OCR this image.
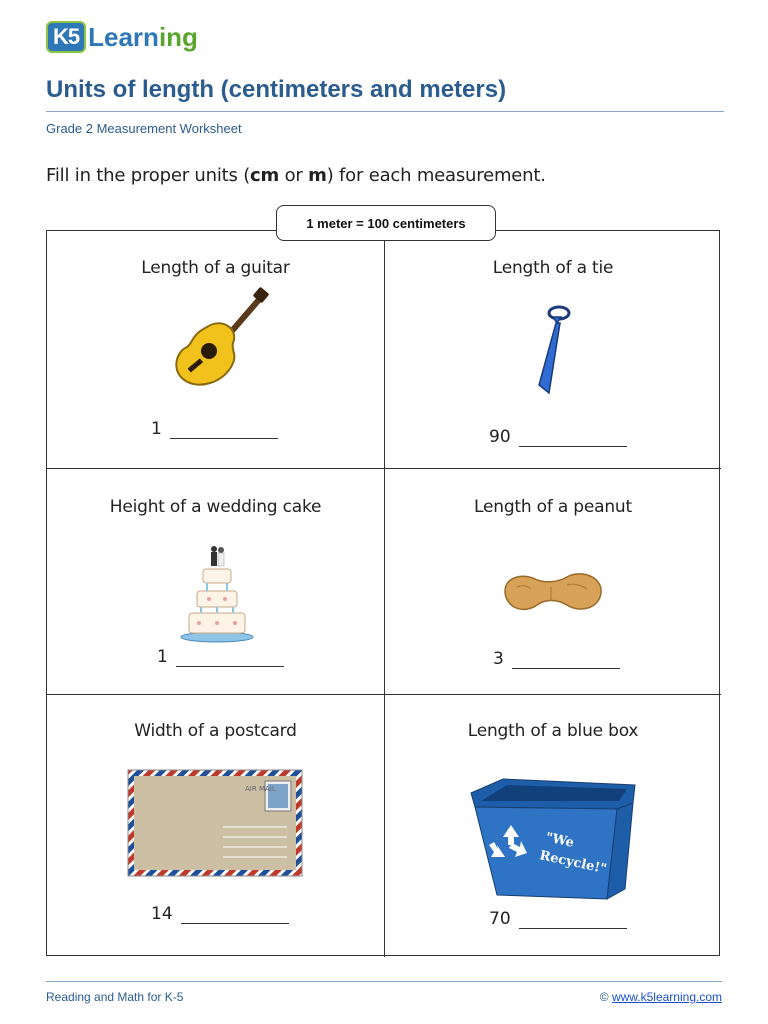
K5 Learning
Units of length (centimeters and meters)
Grade 2 Measurement Worksheet
Fill in the proper units (cm or m) for each measurement.
Length of a guitar
1
Length of a tie
90
Height of a wedding cake
1
Length of a peanut
3
Width of a postcard
AIR MAIL
14
Length of a blue box
"We
Recycle!"
70
1 meter = 100 centimeters
Reading and Math for K-5	© www.k5learning.com
